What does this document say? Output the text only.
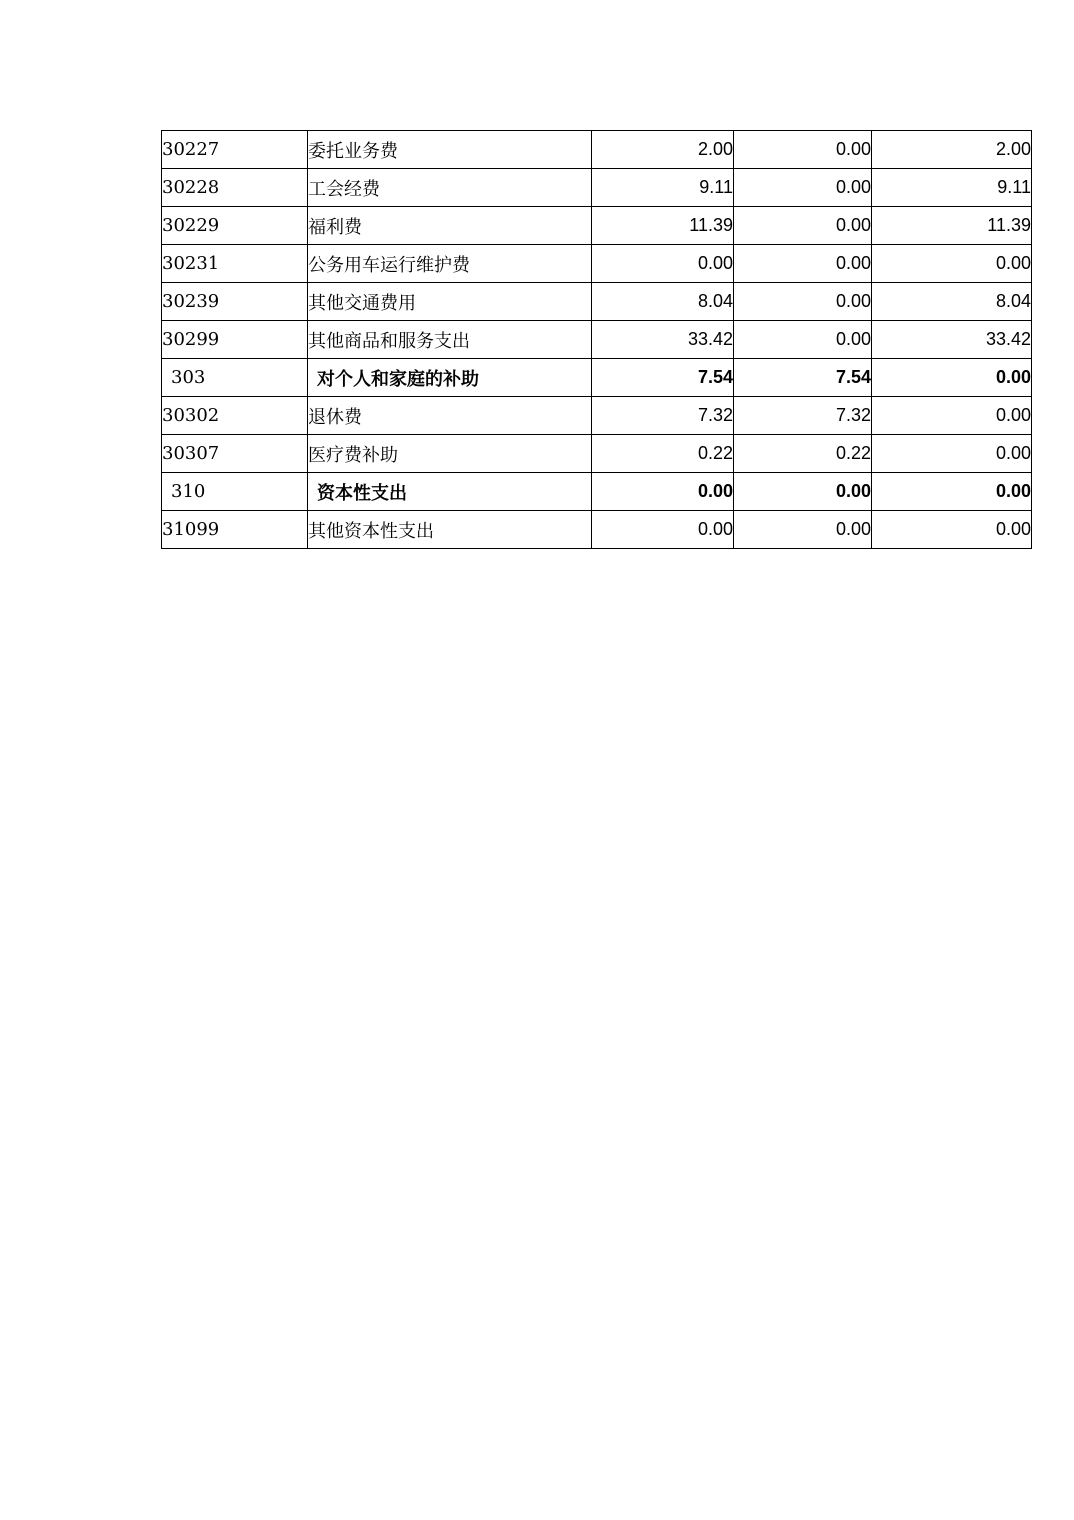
30227	委托业务费	2.00	0.00	2.00
30228	工会经费	9.11	0.00	9.11
30229	福利费	11.39	0.00	11.39
30231	公务用车运行维护费	0.00	0.00	0.00
30239	其他交通费用	8.04	0.00	8.04
30299	其他商品和服务支出	33.42	0.00	33.42
303	对个人和家庭的补助	7.54	7.54	0.00
30302	退休费	7.32	7.32	0.00
30307	医疗费补助	0.22	0.22	0.00
310	资本性支出	0.00	0.00	0.00
31099	其他资本性支出	0.00	0.00	0.00
